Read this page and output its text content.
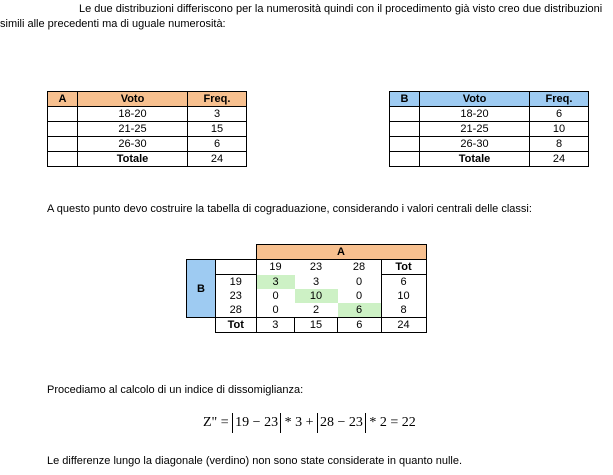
Le due distribuzioni differiscono per la numerosità quindi con il procedimento già visto creo due distribuzioni simili alle precedenti ma di uguale numerosità:
A	Voto	Freq.
	18-20	3
	21-25	15
	26-30	6
	Totale	24
B	Voto	Freq.
	18-20	6
	21-25	10
	26-30	8
	Totale	24
A questo punto devo costruire la tabella di cograduazione, considerando i valori centrali delle classi:
		A			
B		19	23	28	Tot
	19	3	3	0	6
	23	0	10	0	10
	28	0	2	6	8
	Tot	3	15	6	24
Procediamo al calcolo di un indice di dissomiglianza:
Z" = 19 − 23 * 3 + 28 − 23 * 2 = 22
Le differenze lungo la diagonale (verdino) non sono state considerate in quanto nulle.
